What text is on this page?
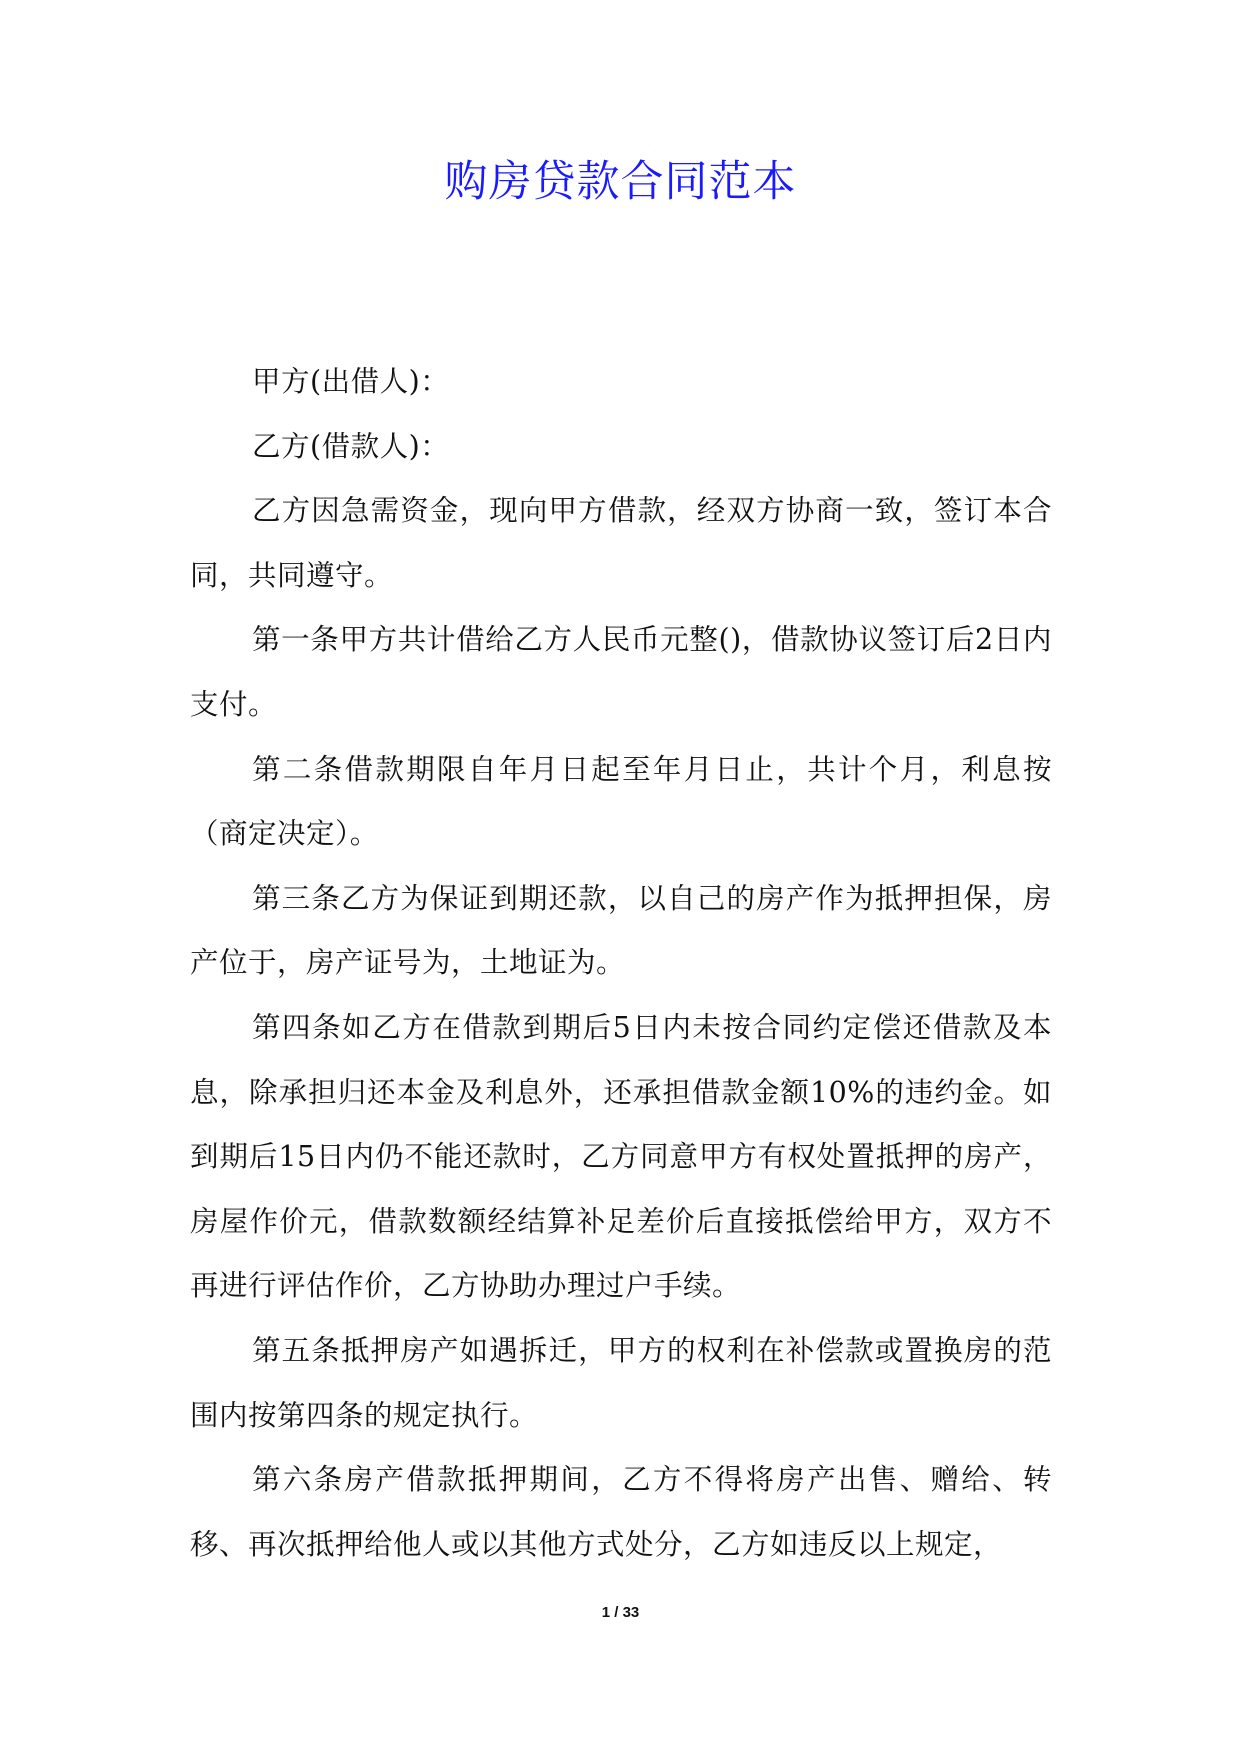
购房贷款合同范本

甲方(出借人)：

乙方(借款人)：

乙方因急需资金，现向甲方借款，经双方协商一致，签订本合同，共同遵守。

第一条甲方共计借给乙方人民币元整()，借款协议签订后2日内支付。

第二条借款期限自年月日起至年月日止，共计个月，利息按（商定决定）。

第三条乙方为保证到期还款，以自己的房产作为抵押担保，房产位于，房产证号为，土地证为。

第四条如乙方在借款到期后5日内未按合同约定偿还借款及本息，除承担归还本金及利息外，还承担借款金额10%的违约金。如到期后15日内仍不能还款时，乙方同意甲方有权处置抵押的房产，房屋作价元，借款数额经结算补足差价后直接抵偿给甲方，双方不再进行评估作价，乙方协助办理过户手续。

第五条抵押房产如遇拆迁，甲方的权利在补偿款或置换房的范围内按第四条的规定执行。

第六条房产借款抵押期间，乙方不得将房产出售、赠给、转移、再次抵押给他人或以其他方式处分，乙方如违反以上规定，

1 / 33
